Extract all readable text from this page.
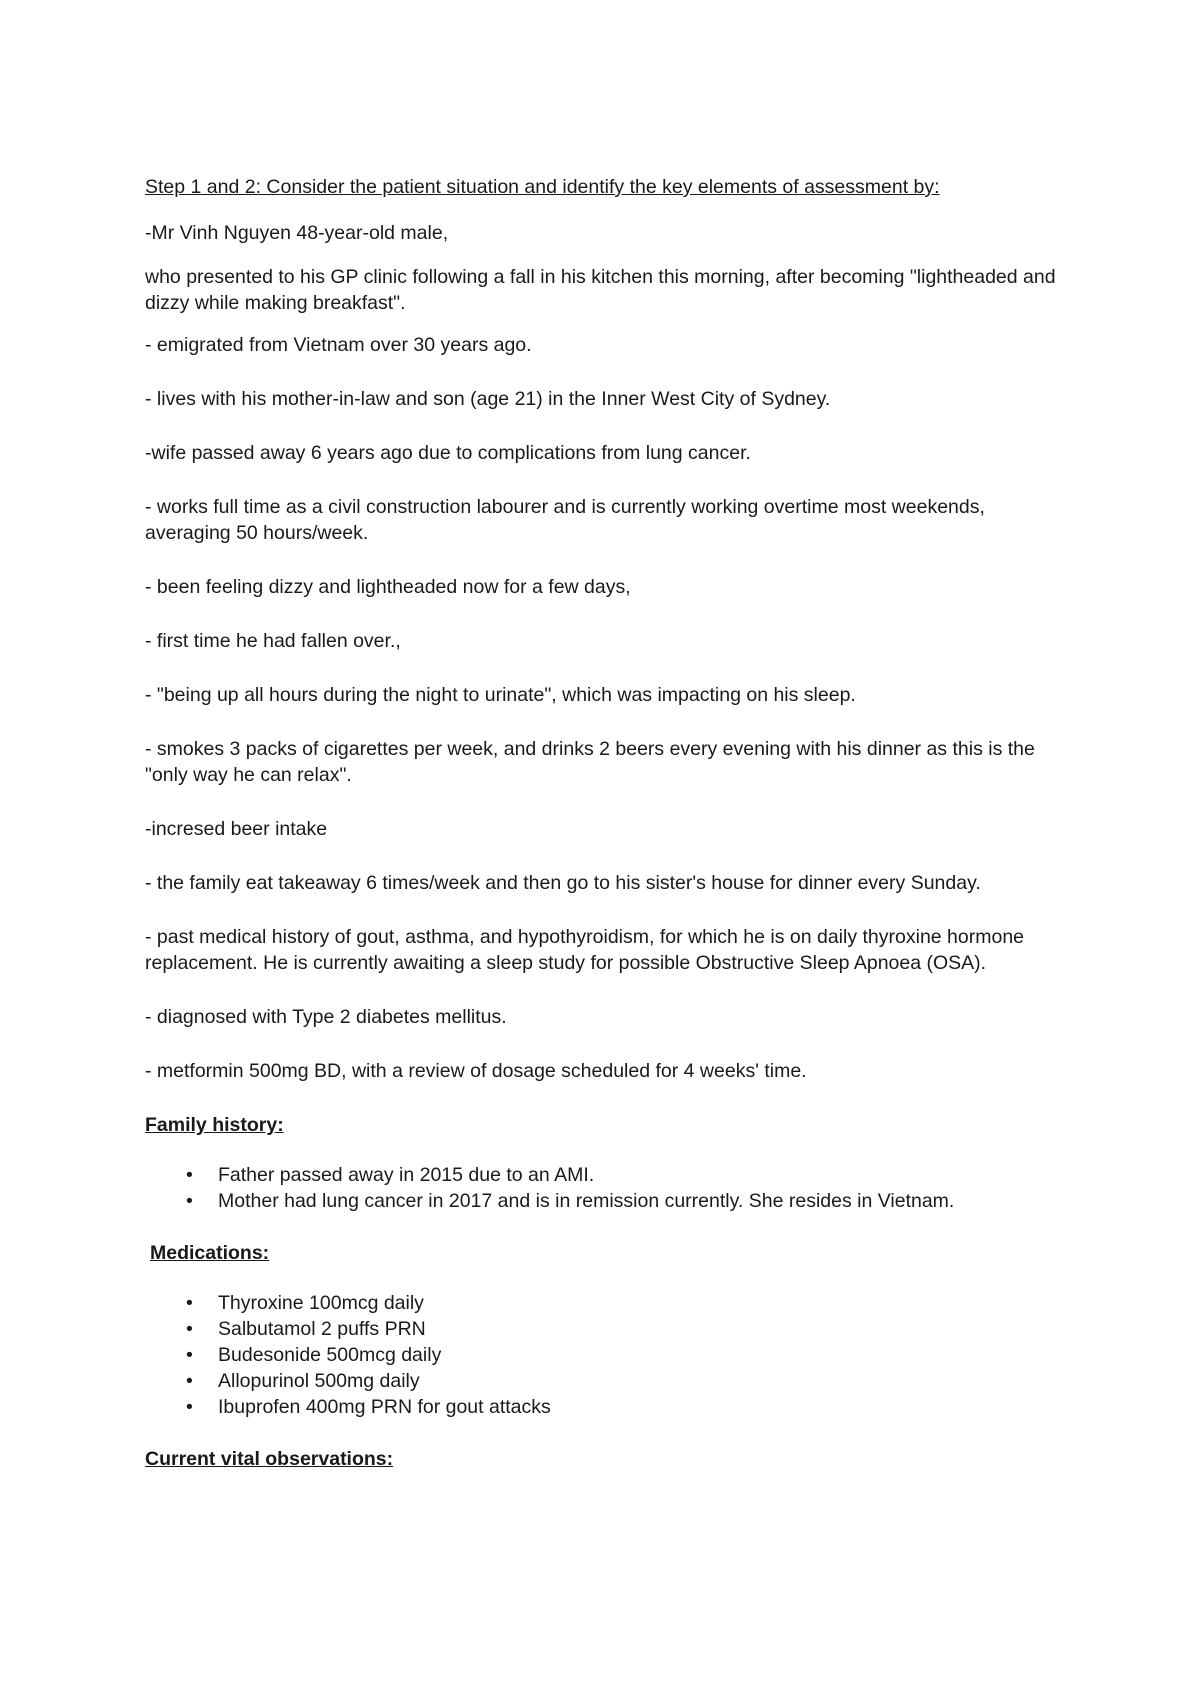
Step 1 and 2: Consider the patient situation and identify the key elements of assessment by:

-Mr Vinh Nguyen 48-year-old male,

who presented to his GP clinic following a fall in his kitchen this morning, after becoming "lightheaded and dizzy while making breakfast".

- emigrated from Vietnam over 30 years ago.

- lives with his mother-in-law and son (age 21) in the Inner West City of Sydney.

-wife passed away 6 years ago due to complications from lung cancer.

- works full time as a civil construction labourer and is currently working overtime most weekends, averaging 50 hours/week.

- been feeling dizzy and lightheaded now for a few days,

- first time he had fallen over.,

- "being up all hours during the night to urinate", which was impacting on his sleep.

- smokes 3 packs of cigarettes per week, and drinks 2 beers every evening with his dinner as this is the "only way he can relax".

-incresed beer intake

- the family eat takeaway 6 times/week and then go to his sister's house for dinner every Sunday.

- past medical history of gout, asthma, and hypothyroidism, for which he is on daily thyroxine hormone replacement. He is currently awaiting a sleep study for possible Obstructive Sleep Apnoea (OSA).

- diagnosed with Type 2 diabetes mellitus.

- metformin 500mg BD, with a review of dosage scheduled for 4 weeks' time.

Family history:

• Father passed away in 2015 due to an AMI.
• Mother had lung cancer in 2017 and is in remission currently. She resides in Vietnam.

Medications:

• Thyroxine 100mcg daily
• Salbutamol 2 puffs PRN
• Budesonide 500mcg daily
• Allopurinol 500mg daily
• Ibuprofen 400mg PRN for gout attacks

Current vital observations:
